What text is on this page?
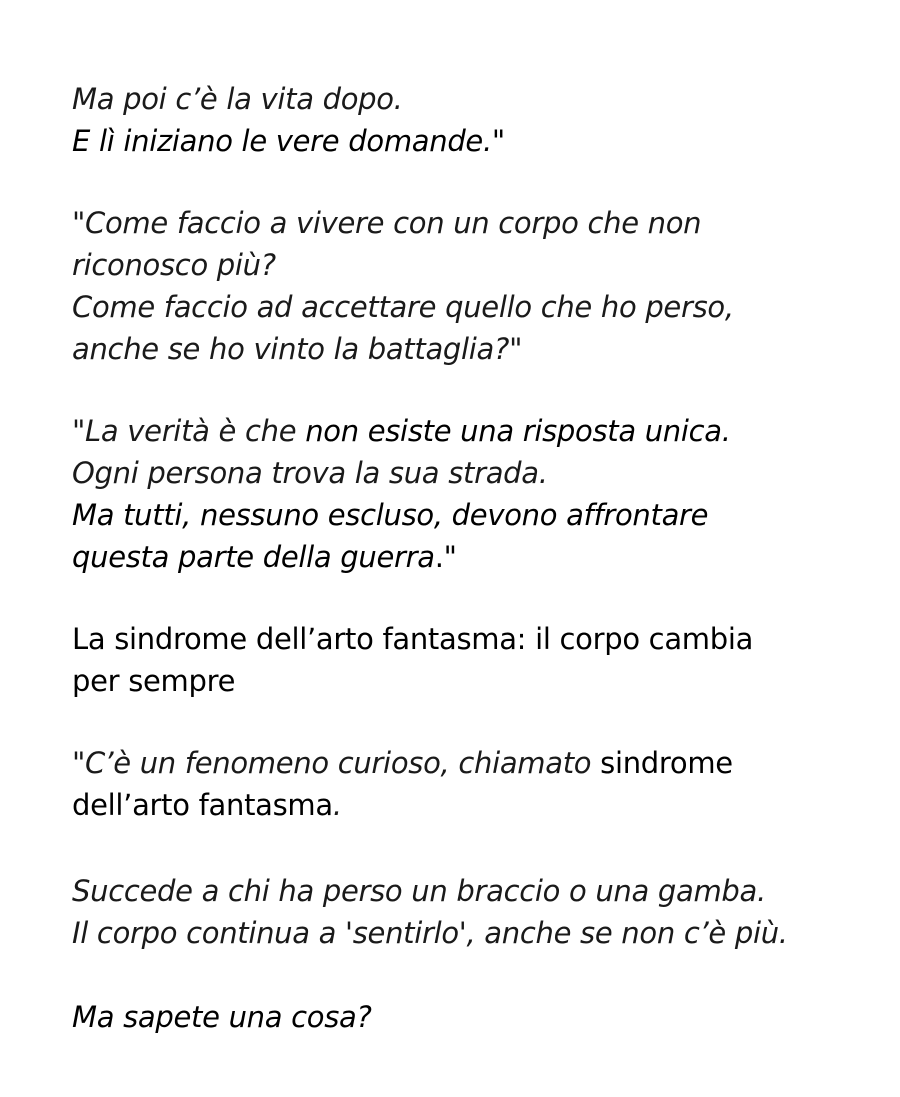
Ma poi c’è la vita dopo.
E lì iniziano le vere domande."
"Come faccio a vivere con un corpo che non
riconosco più?
Come faccio ad accettare quello che ho perso,
anche se ho vinto la battaglia?"
"La verità è che non esiste una risposta unica.
Ogni persona trova la sua strada.
Ma tutti, nessuno escluso, devono affrontare
questa parte della guerra."
La sindrome dell’arto fantasma: il corpo cambia
per sempre
"C’è un fenomeno curioso, chiamato sindrome
dell’arto fantasma.
Succede a chi ha perso un braccio o una gamba.
Il corpo continua a 'sentirlo', anche se non c’è più.
Ma sapete una cosa?
